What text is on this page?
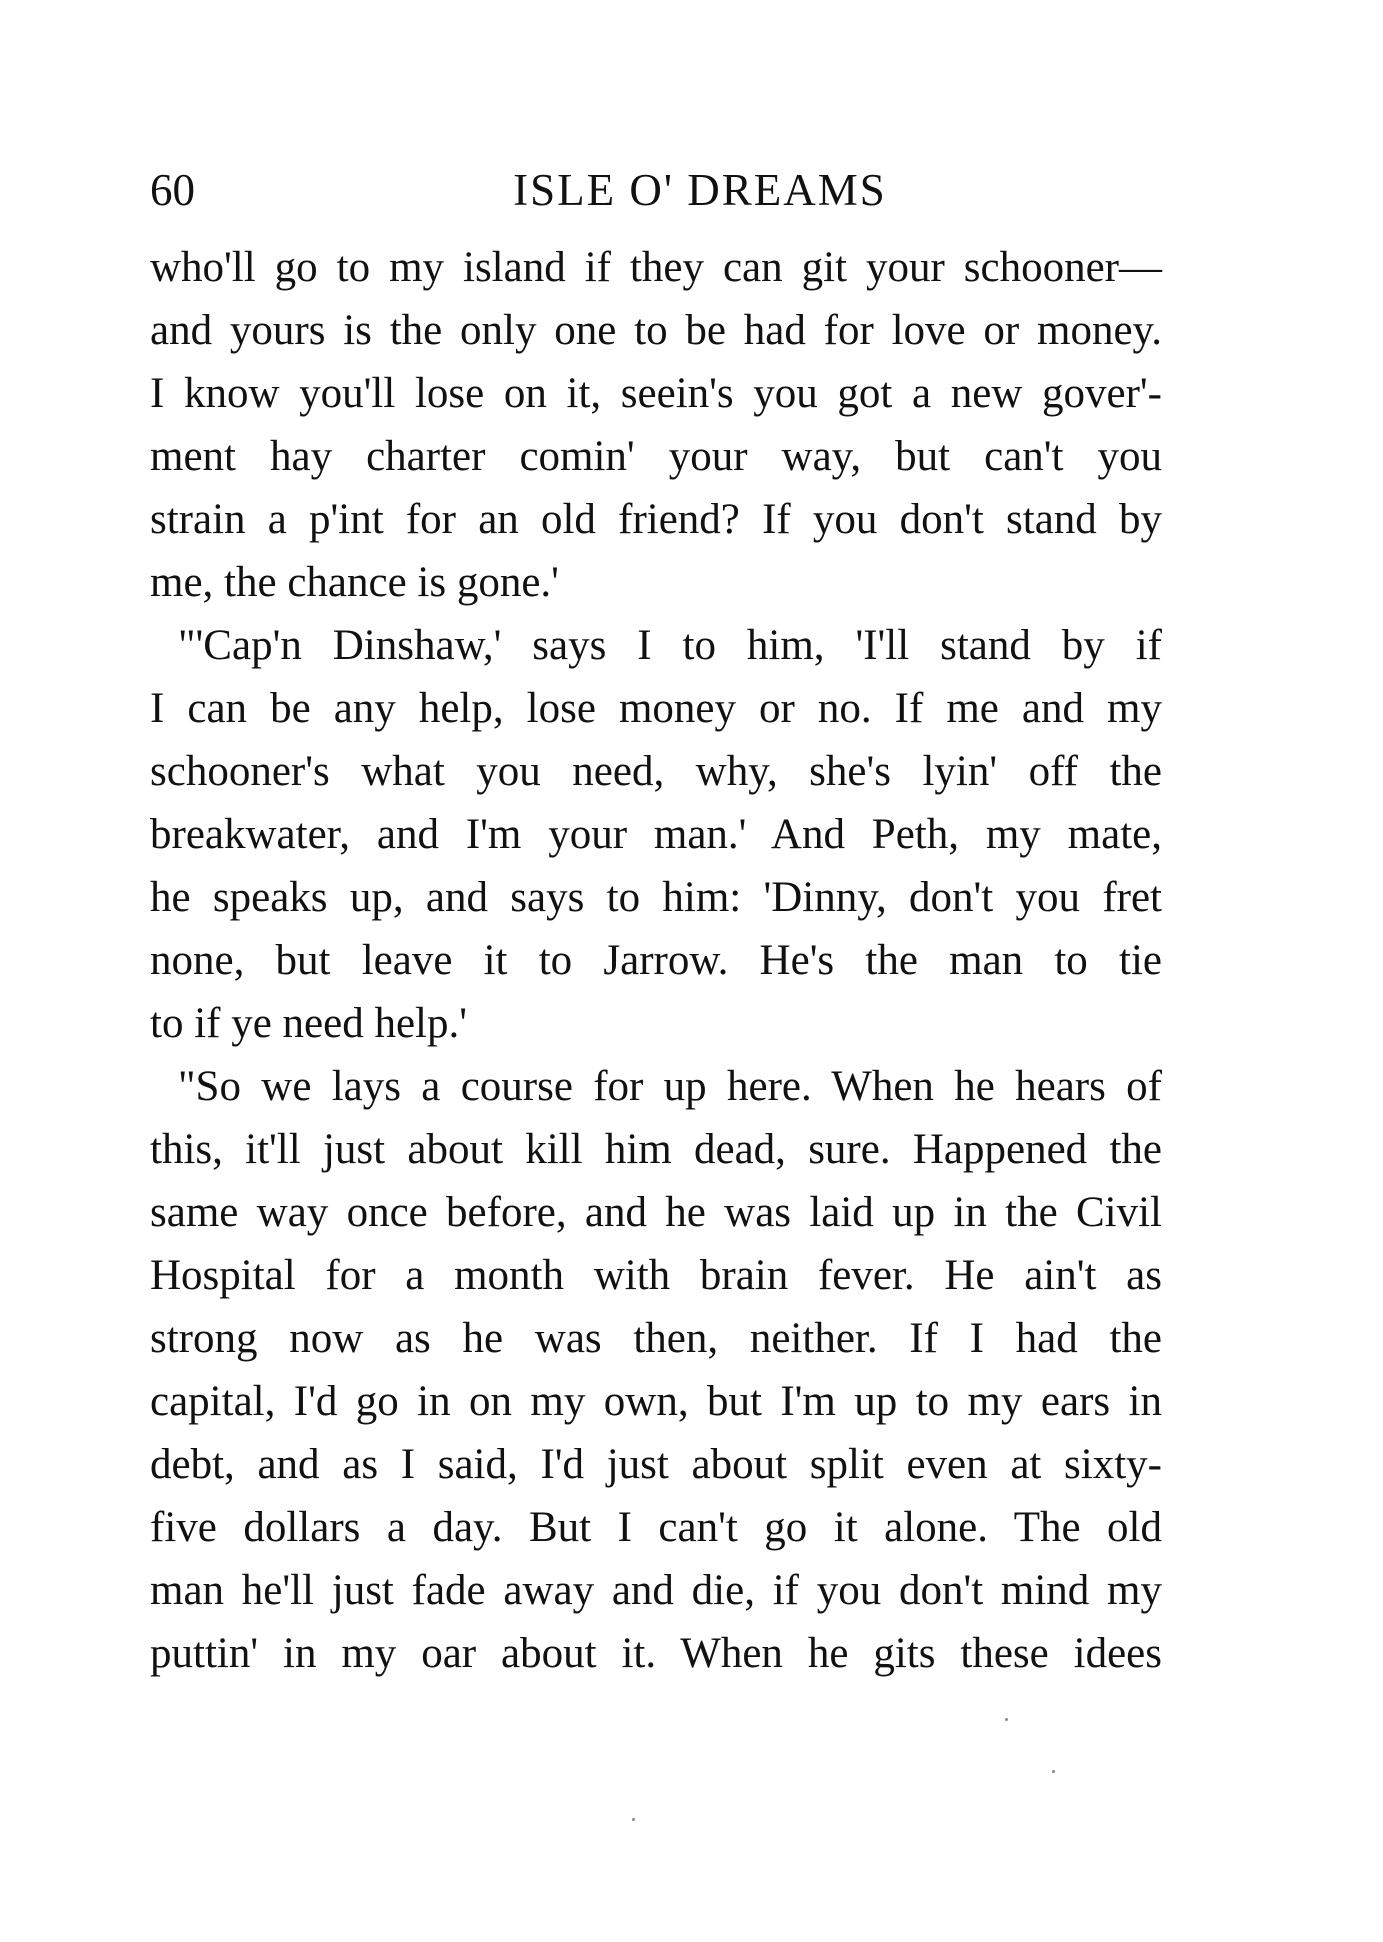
60	ISLE O' DREAMS
who'll go to my island if they can git your schooner—
and yours is the only one to be had for love or money.
I know you'll lose on it, seein's you got a new gover'-
ment hay charter comin' your way, but can't you
strain a p'int for an old friend? If you don't stand by
me, the chance is gone.'
"'Cap'n Dinshaw,' says I to him, 'I'll stand by if
I can be any help, lose money or no. If me and my
schooner's what you need, why, she's lyin' off the
breakwater, and I'm your man.' And Peth, my mate,
he speaks up, and says to him: 'Dinny, don't you fret
none, but leave it to Jarrow. He's the man to tie
to if ye need help.'
"So we lays a course for up here. When he hears of
this, it'll just about kill him dead, sure. Happened the
same way once before, and he was laid up in the Civil
Hospital for a month with brain fever. He ain't as
strong now as he was then, neither. If I had the
capital, I'd go in on my own, but I'm up to my ears in
debt, and as I said, I'd just about split even at sixty-
five dollars a day. But I can't go it alone. The old
man he'll just fade away and die, if you don't mind my
puttin' in my oar about it. When he gits these idees
